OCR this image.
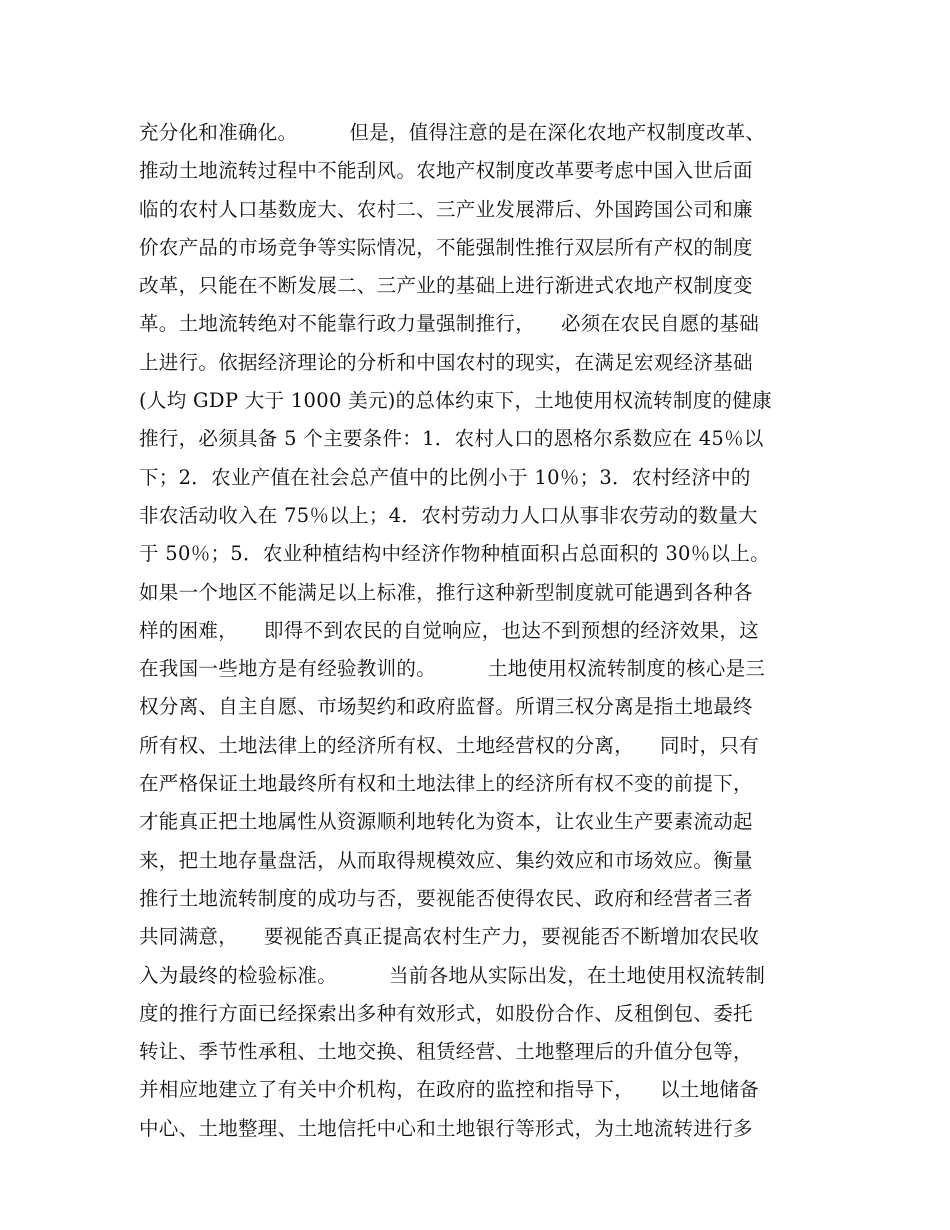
充分化和准确化。        但是，值得注意的是在深化农地产权制度改革、
推动土地流转过程中不能刮风。农地产权制度改革要考虑中国入世后面
临的农村人口基数庞大、农村二、三产业发展滞后、外国跨国公司和廉
价农产品的市场竞争等实际情况，不能强制性推行双层所有产权的制度
改革，只能在不断发展二、三产业的基础上进行渐进式农地产权制度变
革。土地流转绝对不能靠行政力量强制推行，    必须在农民自愿的基础
上进行。依据经济理论的分析和中国农村的现实，在满足宏观经济基础
(人均 GDP 大于 1000 美元)的总体约束下，土地使用权流转制度的健康
推行，必须具备 5 个主要条件：1．农村人口的恩格尔系数应在 45％以
下；2．农业产值在社会总产值中的比例小于 10％；3．农村经济中的
非农活动收入在 75％以上；4．农村劳动力人口从事非农劳动的数量大
于 50％；5．农业种植结构中经济作物种植面积占总面积的 30％以上。
如果一个地区不能满足以上标准，推行这种新型制度就可能遇到各种各
样的困难，    即得不到农民的自觉响应，也达不到预想的经济效果，这
在我国一些地方是有经验教训的。        土地使用权流转制度的核心是三
权分离、自主自愿、市场契约和政府监督。所谓三权分离是指土地最终
所有权、土地法律上的经济所有权、土地经营权的分离，    同时，只有
在严格保证土地最终所有权和土地法律上的经济所有权不变的前提下，
才能真正把土地属性从资源顺利地转化为资本，让农业生产要素流动起
来，把土地存量盘活，从而取得规模效应、集约效应和市场效应。衡量
推行土地流转制度的成功与否，要视能否使得农民、政府和经营者三者
共同满意，    要视能否真正提高农村生产力，要视能否不断增加农民收
入为最终的检验标准。        当前各地从实际出发，在土地使用权流转制
度的推行方面已经探索出多种有效形式，如股份合作、反租倒包、委托
转让、季节性承租、土地交换、租赁经营、土地整理后的升值分包等，
并相应地建立了有关中介机构，在政府的监控和指导下，    以土地储备
中心、土地整理、土地信托中心和土地银行等形式，为土地流转进行多
